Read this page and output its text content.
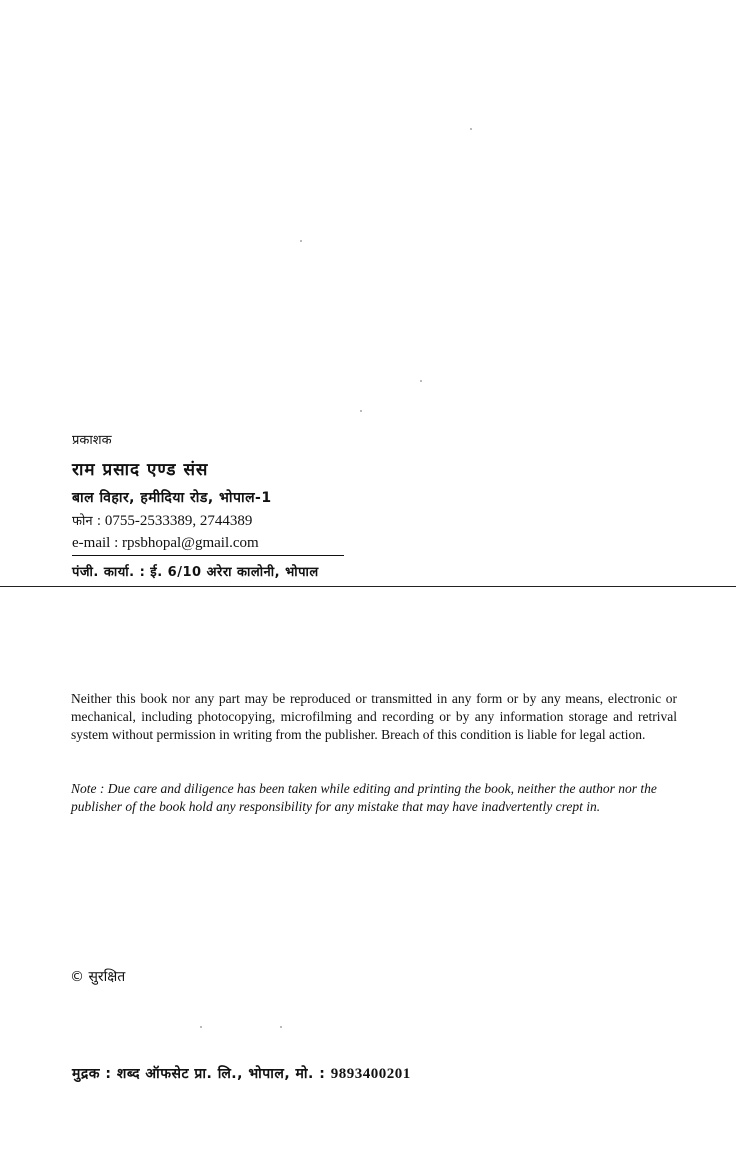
प्रकाशक
राम प्रसाद एण्ड संस
बाल विहार, हमीदिया रोड, भोपाल-1
फोन : 0755-2533389, 2744389
e-mail : rpsbhopal@gmail.com
पंजी. कार्या. : ई. 6/10 अरेरा कालोनी, भोपाल

Neither this book nor any part may be reproduced or transmitted in any form or by any means, electronic or mechanical, including photocopying, microfilming and recording or by any information storage and retrival system without permission in writing from the publisher. Breach of this condition is liable for legal action.

Note : Due care and diligence has been taken while editing and printing the book, neither the author nor the publisher of the book hold any responsibility for any mistake that may have inadvertently crept in.

© सुरक्षित
मुद्रक : शब्द ऑफसेट प्रा. लि., भोपाल, मो. : 9893400201
